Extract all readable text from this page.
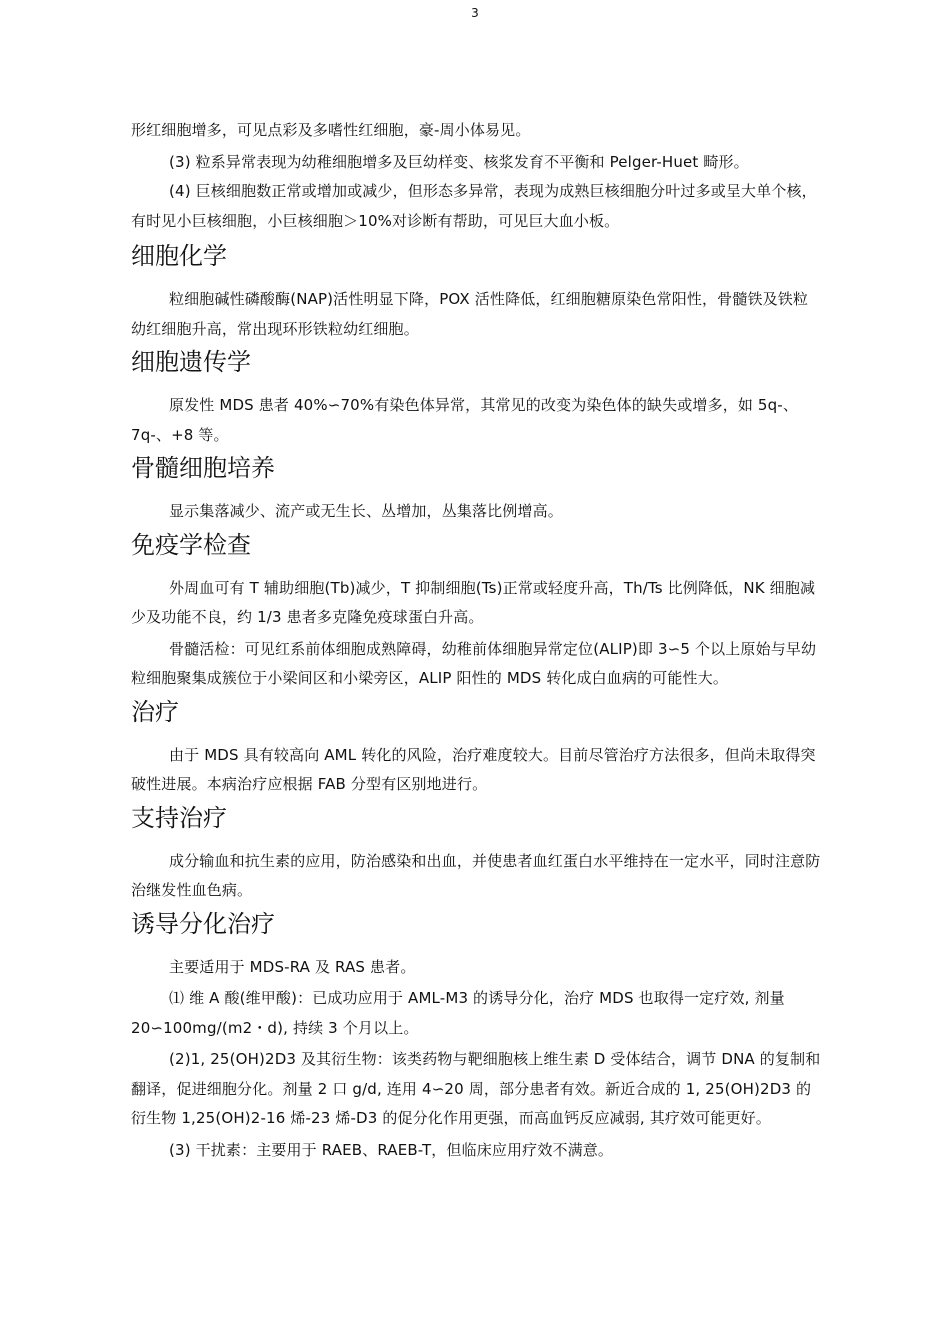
3

形红细胞增多，可见点彩及多嗜性红细胞，豪-周小体易见。

(3) 粒系异常表现为幼稚细胞增多及巨幼样变、核浆发育不平衡和 Pelger-Huet 畸形。

(4) 巨核细胞数正常或增加或减少，但形态多异常，表现为成熟巨核细胞分叶过多或呈大单个核，有时见小巨核细胞，小巨核细胞＞10%对诊断有帮助，可见巨大血小板。

细胞化学

粒细胞碱性磷酸酶(NAP)活性明显下降，POX 活性降低，红细胞糖原染色常阳性，骨髓铁及铁粒幼红细胞升高，常出现环形铁粒幼红细胞。

细胞遗传学

原发性 MDS 患者 40%∽70%有染色体异常，其常见的改变为染色体的缺失或增多，如 5q-、7q-、+8 等。

骨髓细胞培养

显示集落减少、流产或无生长、丛增加，丛集落比例增高。

免疫学检查

外周血可有 T 辅助细胞(Tb)减少，T 抑制细胞(Ts)正常或轻度升高，Th/Ts 比例降低，NK 细胞减少及功能不良，约 1/3 患者多克隆免疫球蛋白升高。

骨髓活检：可见红系前体细胞成熟障碍，幼稚前体细胞异常定位(ALIP)即 3∽5 个以上原始与早幼粒细胞聚集成簇位于小梁间区和小梁旁区，ALIP 阳性的 MDS 转化成白血病的可能性大。

治疗

由于 MDS 具有较高向 AML 转化的风险，治疗难度较大。目前尽管治疗方法很多，但尚未取得突破性进展。本病治疗应根据 FAB 分型有区别地进行。

支持治疗

成分输血和抗生素的应用，防治感染和出血，并使患者血红蛋白水平维持在一定水平，同时注意防治继发性血色病。

诱导分化治疗

主要适用于 MDS-RA 及 RAS 患者。

⑴ 维 A 酸(维甲酸)：已成功应用于 AML-M3 的诱导分化，治疗 MDS 也取得一定疗效, 剂量 20∽100mg/(m2・d), 持续 3 个月以上。

(2)1, 25(OH)2D3 及其衍生物：该类药物与靶细胞核上维生素 D 受体结合，调节 DNA 的复制和翻译，促进细胞分化。剂量 2 口 g/d, 连用 4∽20 周，部分患者有效。新近合成的 1, 25(OH)2D3 的衍生物 1,25(OH)2-16 烯-23 烯-D3 的促分化作用更强，而高血钙反应减弱, 其疗效可能更好。

(3) 干扰素：主要用于 RAEB、RAEB-T，但临床应用疗效不满意。
